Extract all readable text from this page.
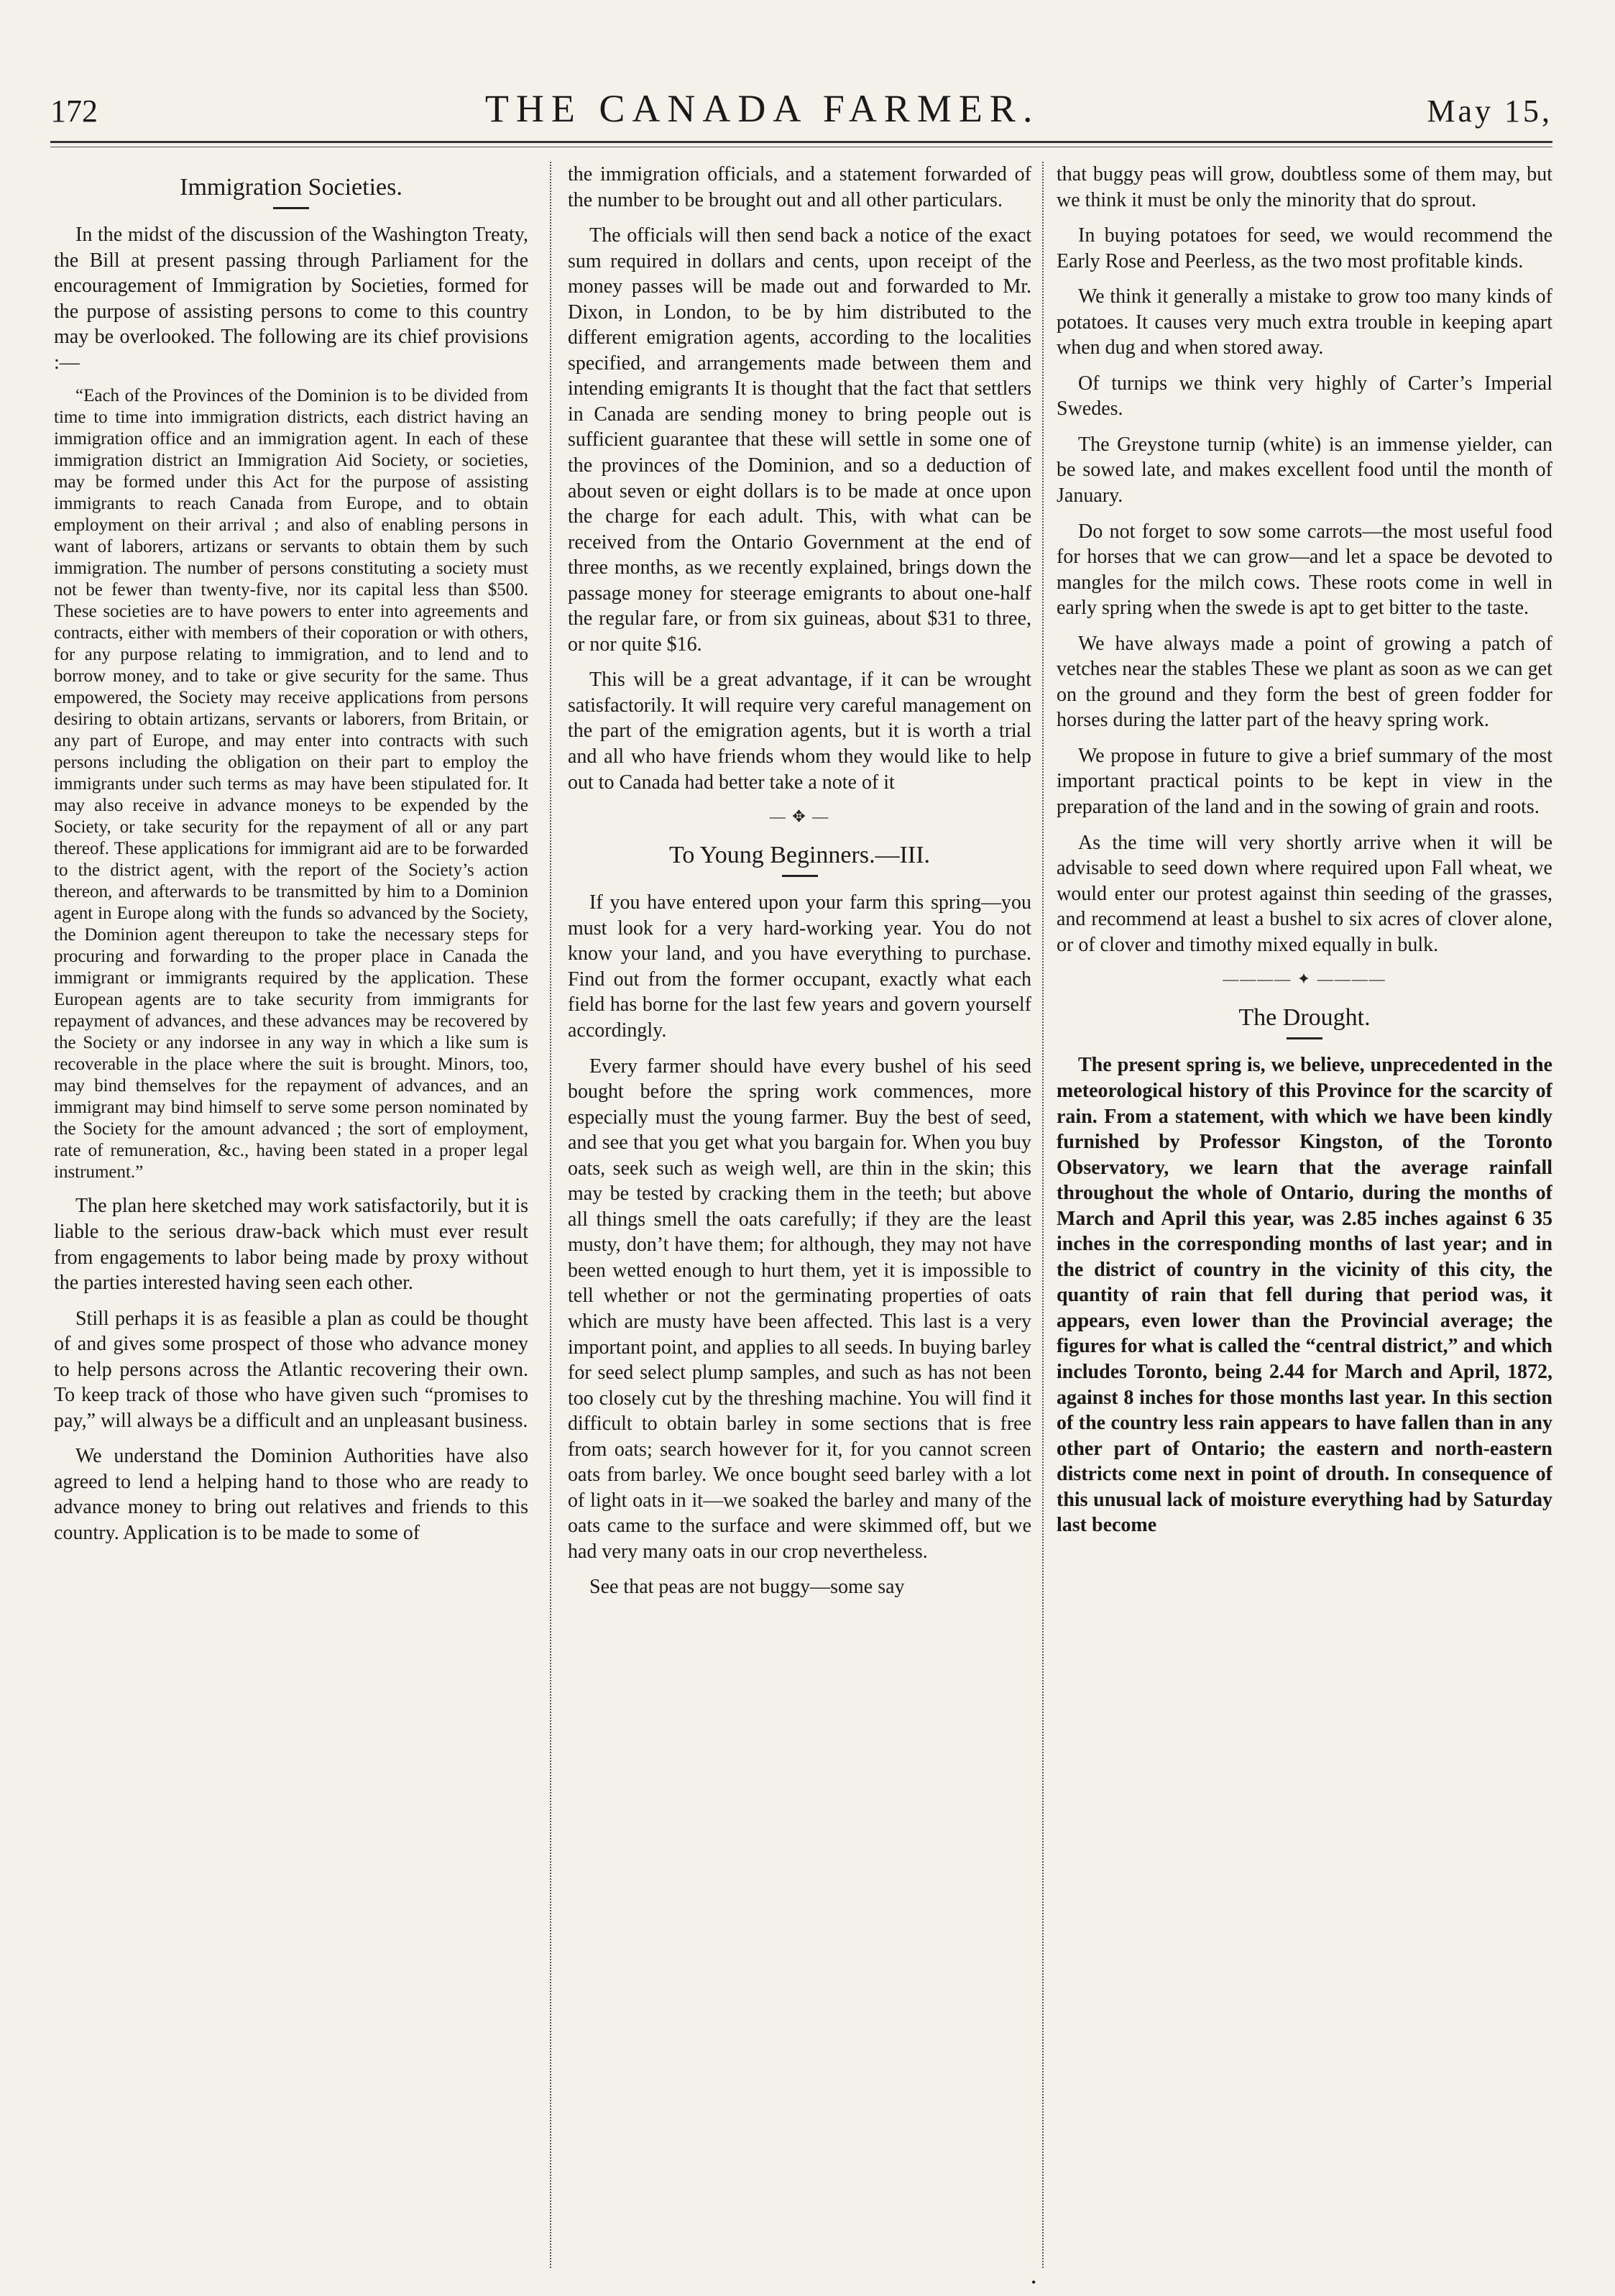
172	THE CANADA FARMER.	May 15,
Immigration Societies.

In the midst of the discussion of the Washington Treaty, the Bill at present passing through Parliament for the encouragement of Immigration by Societies, formed for the purpose of assisting persons to come to this country may be overlooked. The following are its chief provisions :—

“Each of the Provinces of the Dominion is to be divided from time to time into immigration districts, each district having an immigration office and an immigration agent. In each of these immigration district an Immigration Aid Society, or societies, may be formed under this Act for the purpose of assisting immigrants to reach Canada from Europe, and to obtain employment on their arrival ; and also of enabling persons in want of laborers, artizans or servants to obtain them by such immigration. The number of persons constituting a society must not be fewer than twenty-five, nor its capital less than $500. These societies are to have powers to enter into agreements and contracts, either with members of their coporation or with others, for any purpose relating to immigration, and to lend and to borrow money, and to take or give security for the same. Thus empowered, the Society may receive applications from persons desiring to obtain artizans, servants or laborers, from Britain, or any part of Europe, and may enter into contracts with such persons including the obligation on their part to employ the immigrants under such terms as may have been stipulated for. It may also receive in advance moneys to be expended by the Society, or take security for the repayment of all or any part thereof. These applications for immigrant aid are to be forwarded to the district agent, with the report of the Society’s action thereon, and afterwards to be transmitted by him to a Dominion agent in Europe along with the funds so advanced by the Society, the Dominion agent thereupon to take the necessary steps for procuring and forwarding to the proper place in Canada the immigrant or immigrants required by the application. These European agents are to take security from immigrants for repayment of advances, and these advances may be recovered by the Society or any indorsee in any way in which a like sum is recoverable in the place where the suit is brought. Minors, too, may bind themselves for the repayment of advances, and an immigrant may bind himself to serve some person nominated by the Society for the amount advanced ; the sort of employment, rate of remuneration, &c., having been stated in a proper legal instrument.”

The plan here sketched may work satisfactorily, but it is liable to the serious draw-back which must ever result from engagements to labor being made by proxy without the parties interested having seen each other.

Still perhaps it is as feasible a plan as could be thought of and gives some prospect of those who advance money to help persons across the Atlantic recovering their own. To keep track of those who have given such “promises to pay,” will always be a difficult and an unpleasant business.

We understand the Dominion Authorities have also agreed to lend a helping hand to those who are ready to advance money to bring out relatives and friends to this country. Application is to be made to some of

the immigration officials, and a statement forwarded of the number to be brought out and all other particulars.

The officials will then send back a notice of the exact sum required in dollars and cents, upon receipt of the money passes will be made out and forwarded to Mr. Dixon, in London, to be by him distributed to the different emigration agents, according to the localities specified, and arrangements made between them and intending emigrants It is thought that the fact that settlers in Canada are sending money to bring people out is sufficient guarantee that these will settle in some one of the provinces of the Dominion, and so a deduction of about seven or eight dollars is to be made at once upon the charge for each adult. This, with what can be received from the Ontario Government at the end of three months, as we recently explained, brings down the passage money for steerage emigrants to about one-half the regular fare, or from six guineas, about $31 to three, or nor quite $16.

This will be a great advantage, if it can be wrought satisfactorily. It will require very careful management on the part of the emigration agents, but it is worth a trial and all who have friends whom they would like to help out to Canada had better take a note of it

— ✥ —
To Young Beginners.—III.

If you have entered upon your farm this spring—you must look for a very hard-working year. You do not know your land, and you have everything to purchase. Find out from the former occupant, exactly what each field has borne for the last few years and govern yourself accordingly.

Every farmer should have every bushel of his seed bought before the spring work commences, more especially must the young farmer. Buy the best of seed, and see that you get what you bargain for. When you buy oats, seek such as weigh well, are thin in the skin; this may be tested by cracking them in the teeth; but above all things smell the oats carefully; if they are the least musty, don’t have them; for although, they may not have been wetted enough to hurt them, yet it is impossible to tell whether or not the germinating properties of oats which are musty have been affected. This last is a very important point, and applies to all seeds. In buying barley for seed select plump samples, and such as has not been too closely cut by the threshing machine. You will find it difficult to obtain barley in some sections that is free from oats; search however for it, for you cannot screen oats from barley. We once bought seed barley with a lot of light oats in it—we soaked the barley and many of the oats came to the surface and were skimmed off, but we had very many oats in our crop nevertheless.

See that peas are not buggy—some say

that buggy peas will grow, doubtless some of them may, but we think it must be only the minority that do sprout.

In buying potatoes for seed, we would recommend the Early Rose and Peerless, as the two most profitable kinds.

We think it generally a mistake to grow too many kinds of potatoes. It causes very much extra trouble in keeping apart when dug and when stored away.

Of turnips we think very highly of Carter’s Imperial Swedes.

The Greystone turnip (white) is an immense yielder, can be sowed late, and makes excellent food until the month of January.

Do not forget to sow some carrots—the most useful food for horses that we can grow—and let a space be devoted to mangles for the milch cows. These roots come in well in early spring when the swede is apt to get bitter to the taste.

We have always made a point of growing a patch of vetches near the stables These we plant as soon as we can get on the ground and they form the best of green fodder for horses during the latter part of the heavy spring work.

We propose in future to give a brief summary of the most important practical points to be kept in view in the preparation of the land and in the sowing of grain and roots.

As the time will very shortly arrive when it will be advisable to seed down where required upon Fall wheat, we would enter our protest against thin seeding of the grasses, and recommend at least a bushel to six acres of clover alone, or of clover and timothy mixed equally in bulk.

———— ✦ ————
The Drought.

The present spring is, we believe, unprecedented in the meteorological history of this Province for the scarcity of rain. From a statement, with which we have been kindly furnished by Professor Kingston, of the Toronto Observatory, we learn that the average rainfall throughout the whole of Ontario, during the months of March and April this year, was 2.85 inches against 6 35 inches in the corresponding months of last year; and in the district of country in the vicinity of this city, the quantity of rain that fell during that period was, it appears, even lower than the Provincial average; the figures for what is called the “central district,” and which includes Toronto, being 2.44 for March and April, 1872, against 8 inches for those months last year. In this section of the country less rain appears to have fallen than in any other part of Ontario; the eastern and north-eastern districts come next in point of drouth. In consequence of this unusual lack of moisture everything had by Saturday last become

•
